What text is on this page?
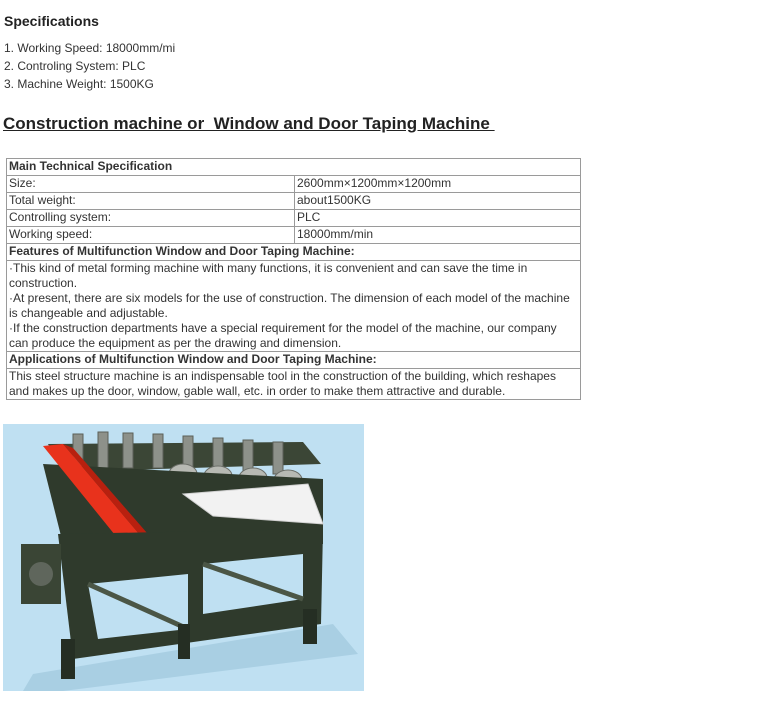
Specifications
1. Working Speed: 18000mm/mi
2. Controling System: PLC
3. Machine Weight: 1500KG
Construction machine or  Window and Door Taping Machine
Main Technical Specification	
Size:	2600mm×1200mm×1200mm
Total weight:	about1500KG
Controlling system:	PLC
Working speed:	18000mm/min
Features of Multifunction Window and Door Taping Machine:	

·This kind of metal forming machine with many functions, it is convenient and can save the time in construction.
·At present, there are six models for the use of construction. The dimension of each model of the machine is changeable and adjustable.
·If the construction departments have a special requirement for the model of the machine, our company can produce the equipment as per the drawing and dimension.	

Applications of Multifunction Window and Door Taping Machine:	
This steel structure machine is an indispensable tool in the construction of the building, which reshapes and makes up the door, window, gable wall, etc. in order to make them attractive and durable.	
